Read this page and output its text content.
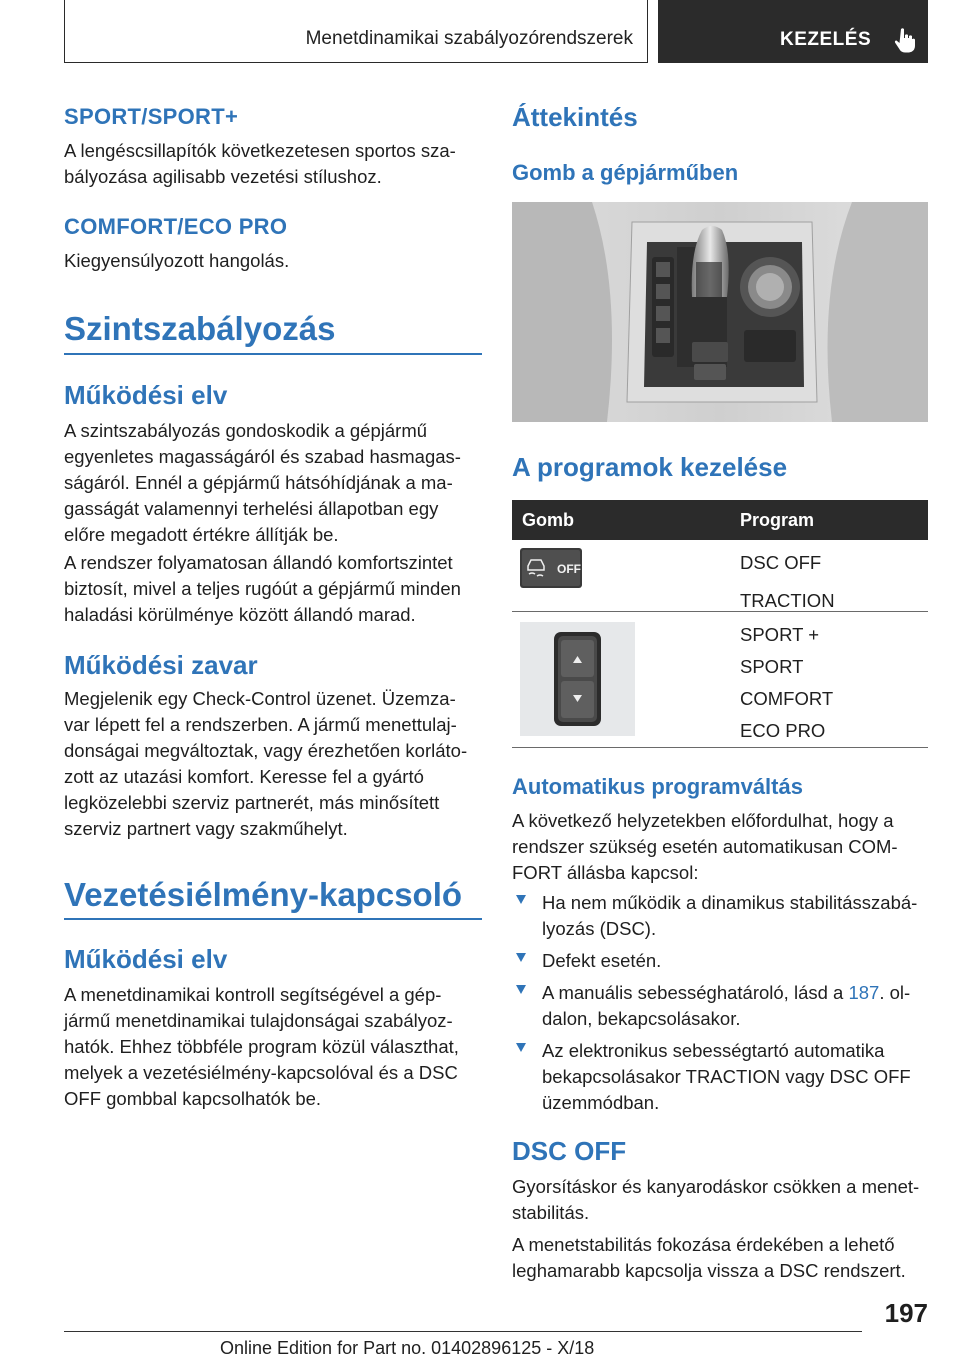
Menetdinamikai szabályozórendszerek	KEZELÉS
SPORT/SPORT+
A lengéscsillapítók következetesen sportos sza-
bályozása agilisabb vezetési stílushoz.
COMFORT/ECO PRO
Kiegyensúlyozott hangolás.
Szintszabályozás
Működési elv
A szintszabályozás gondoskodik a gépjármű
egyenletes magasságáról és szabad hasmagas-
ságáról. Ennél a gépjármű hátsóhídjának a ma-
gasságát valamennyi terhelési állapotban egy
előre megadott értékre állítják be.
A rendszer folyamatosan állandó komfortszintet
biztosít, mivel a teljes rugóút a gépjármű minden
haladási körülménye között állandó marad.
Működési zavar
Megjelenik egy Check-Control üzenet. Üzemza-
var lépett fel a rendszerben. A jármű menettulaj-
donságai megváltoztak, vagy érezhetően korláto-
zott az utazási komfort. Keresse fel a gyártó
legközelebbi szerviz partnerét, más minősített
szerviz partnert vagy szakműhelyt.
Vezetésiélmény-kapcsoló
Működési elv
A menetdinamikai kontroll segítségével a gép-
jármű menetdinamikai tulajdonságai szabályoz-
hatók. Ehhez többféle program közül választhat,
melyek a vezetésiélmény-kapcsolóval és a DSC
OFF gombbal kapcsolhatók be.
Áttekintés
Gomb a gépjárműben
A programok kezelése
Gomb	Program
OFF
TRACTION
DSC OFF
SPORT +
SPORT
COMFORT
ECO PRO
Automatikus programváltás
A következő helyzetekben előfordulhat, hogy a
rendszer szükség esetén automatikusan COM-
FORT állásba kapcsol:
Ha nem működik a dinamikus stabilitásszabá-
lyozás (DSC).
Defekt esetén.
A manuális sebességhatároló, lásd a 187. ol-
dalon, bekapcsolásakor.
Az elektronikus sebességtartó automatika
bekapcsolásakor TRACTION vagy DSC OFF
üzemmódban.
DSC OFF
Gyorsításkor és kanyarodáskor csökken a menet-
stabilitás.
A menetstabilitás fokozása érdekében a lehető
leghamarabb kapcsolja vissza a DSC rendszert.
197
Online Edition for Part no. 01402896125 - X/18
